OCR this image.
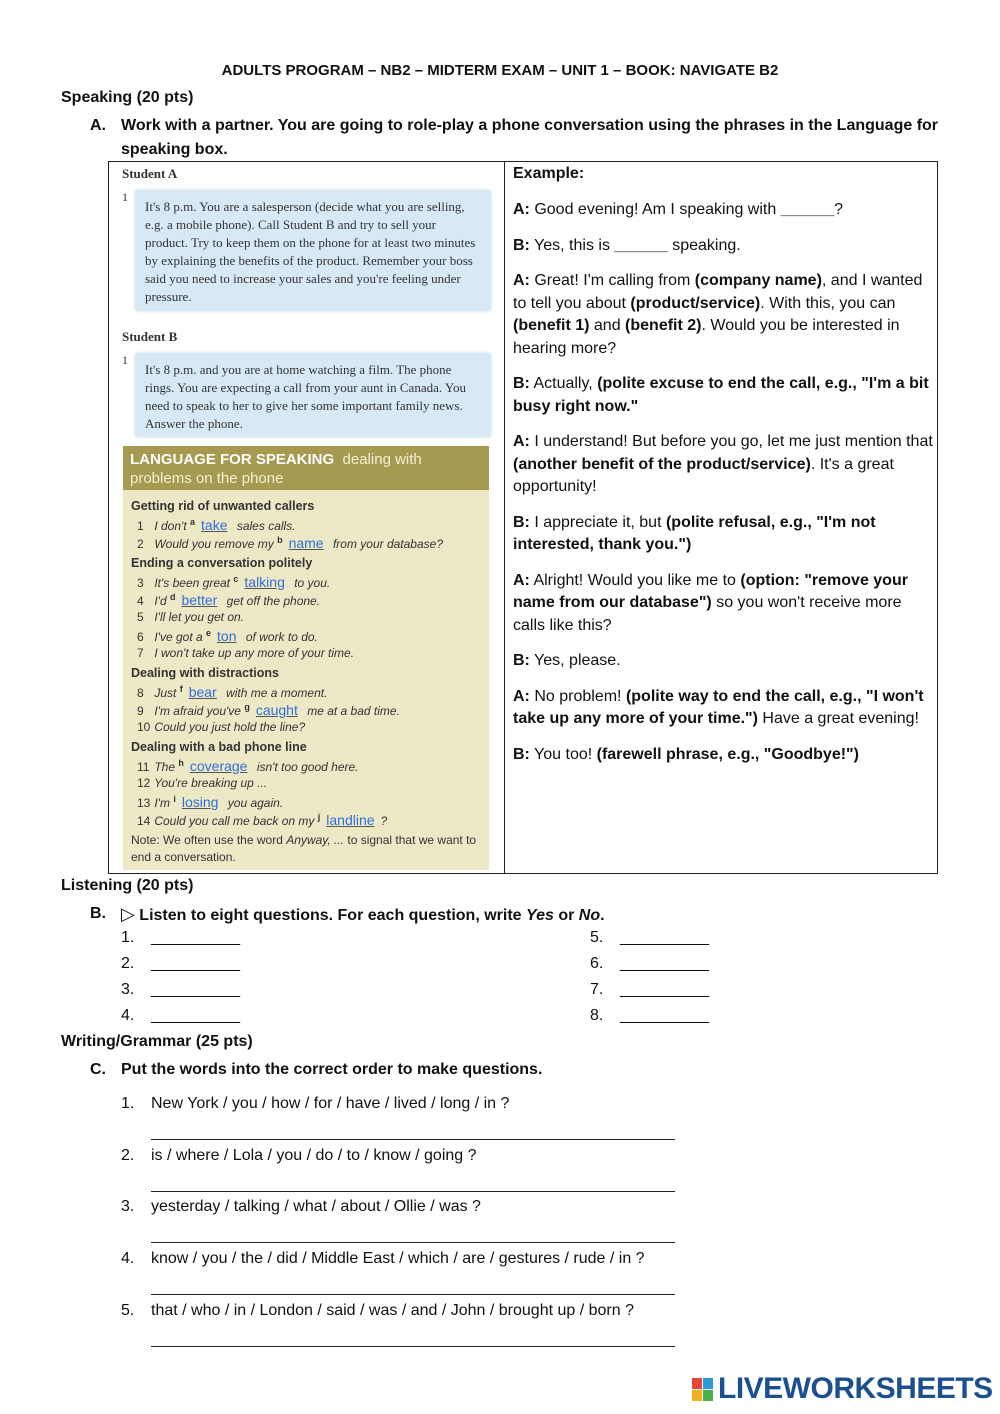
ADULTS PROGRAM – NB2 – MIDTERM EXAM – UNIT 1 – BOOK: NAVIGATE B2
Speaking (20 pts)
A. Work with a partner. You are going to role-play a phone conversation using the phrases in the Language for speaking box.
Student A
1
It's 8 p.m. You are a salesperson (decide what you are selling, e.g. a mobile phone). Call Student B and try to sell your product. Try to keep them on the phone for at least two minutes by explaining the benefits of the product. Remember your boss said you need to increase your sales and you're feeling under pressure.
Student B
1
It's 8 p.m. and you are at home watching a film. The phone rings. You are expecting a call from your aunt in Canada. You need to speak to her to give her some important family news. Answer the phone.
LANGUAGE FOR SPEAKING dealing with
problems on the phone
Getting rid of unwanted callers
1 I don't $^a$ take sales calls.
2 Would you remove my $^b$ name from your database?
Ending a conversation politely
3 It's been great $^c$ talking to you.
4 I'd $^d$ better get off the phone.
5 I'll let you get on.
6 I've got a $^e$ ton of work to do.
7 I won't take up any more of your time.
Dealing with distractions
8 Just $^f$ bear with me a moment.
9 I'm afraid you've $^g$ caught me at a bad time.
10 Could you just hold the line?
Dealing with a bad phone line
11 The $^h$ coverage isn't too good here.
12 You're breaking up ...
13 I'm $^i$ losing you again.
14 Could you call me back on my $^j$ landline ?
Note: We often use the word Anyway, ... to signal that we want to end a conversation.
Example:
A: Good evening! Am I speaking with ______?
B: Yes, this is ______ speaking.
A: Great! I'm calling from (company name), and I wanted to tell you about (product/service). With this, you can (benefit 1) and (benefit 2). Would you be interested in hearing more?
B: Actually, (polite excuse to end the call, e.g., "I'm a bit busy right now."
A: I understand! But before you go, let me just mention that (another benefit of the product/service). It's a great opportunity!
B: I appreciate it, but (polite refusal, e.g., "I'm not interested, thank you.")
A: Alright! Would you like me to (option: "remove your name from our database") so you won't receive more calls like this?
B: Yes, please.
A: No problem! (polite way to end the call, e.g., "I won't take up any more of your time.") Have a great evening!
B: You too! (farewell phrase, e.g., "Goodbye!")
Listening (20 pts)
B. ▷ Listen to eight questions. For each question, write Yes or No.
1. __________
2. __________
3. __________
4. __________
5. __________
6. __________
7. __________
8. __________
Writing/Grammar (25 pts)
C. Put the words into the correct order to make questions.
1. New York / you / how / for / have / lived / long / in ?
2. is / where / Lola / you / do / to / know / going ?
3. yesterday / talking / what / about / Ollie / was ?
4. know / you / the / did / Middle East / which / are / gestures / rude / in ?
5. that / who / in / London / said / was / and / John / brought up / born ?
LIVEWORKSHEETS
